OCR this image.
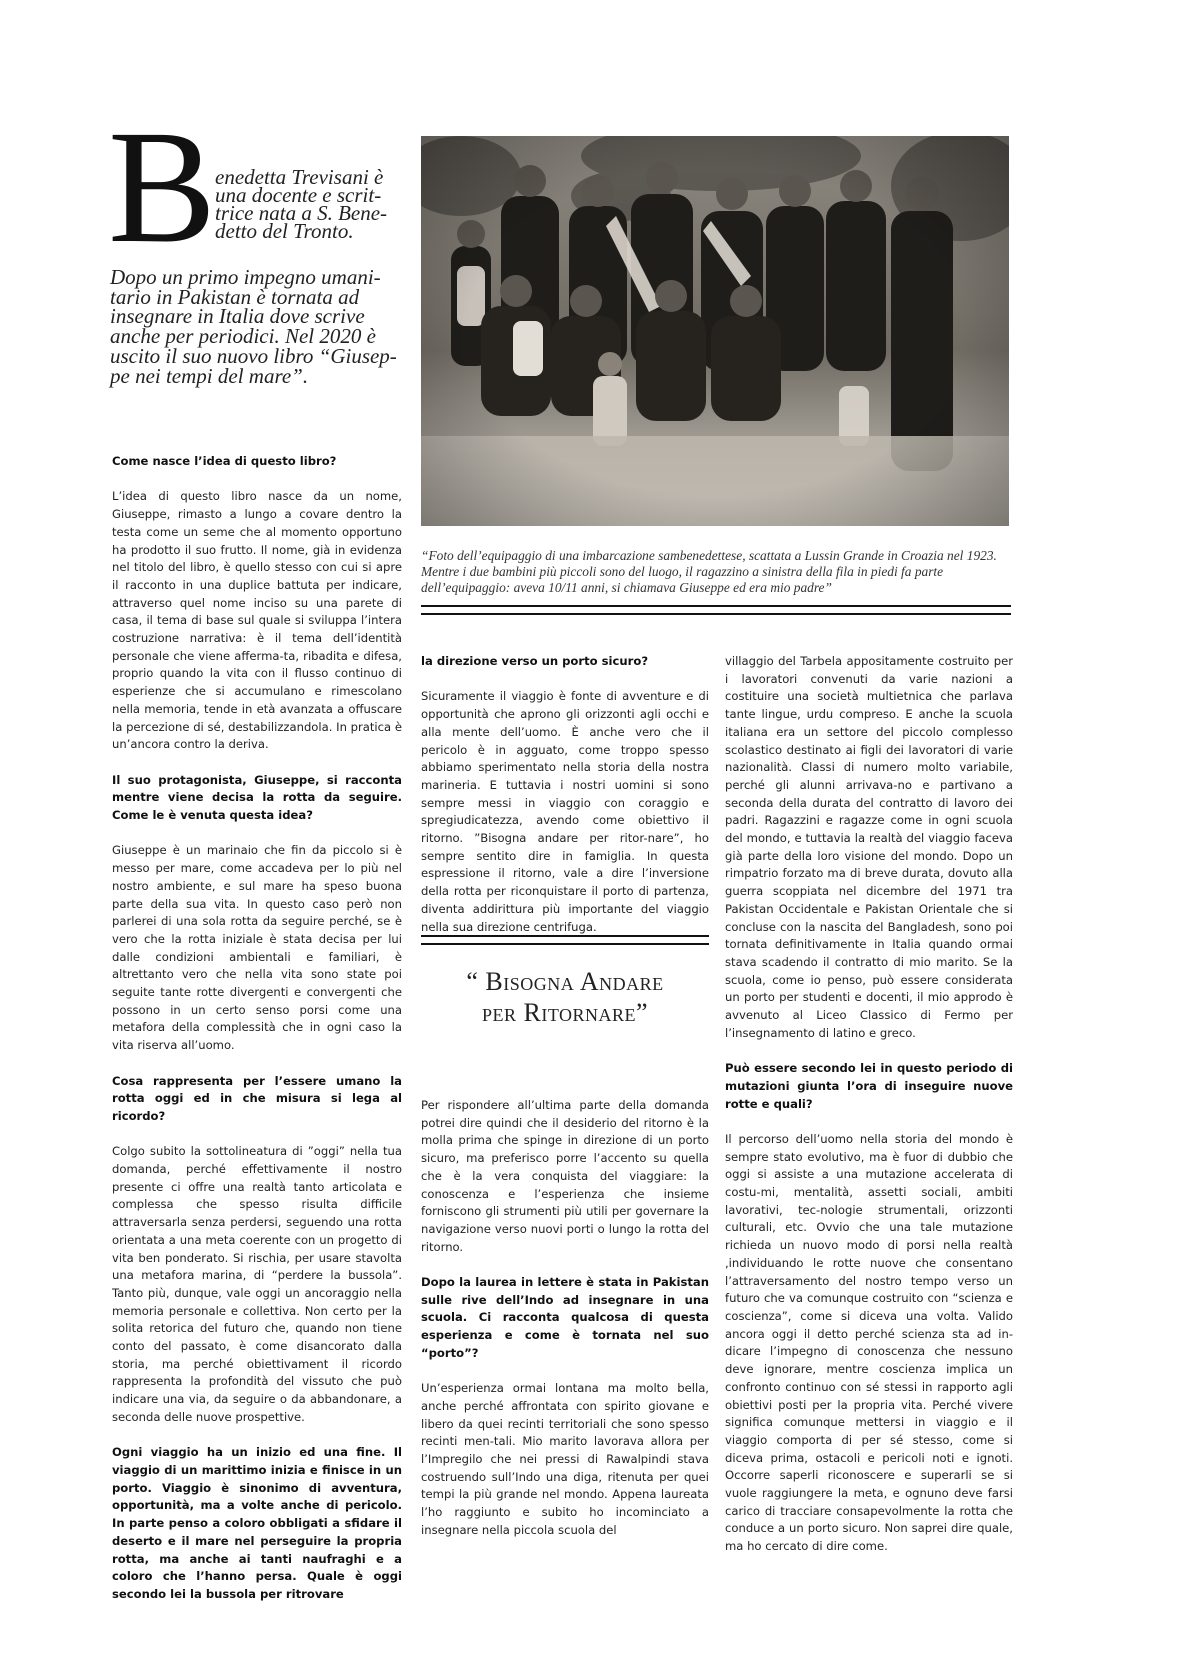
B
enedetta Trevisani è
una docente e scrit-
trice nata a S. Bene-
detto del Tronto.
Dopo un primo impegno umani-
tario in Pakistan è tornata ad
insegnare in Italia dove scrive
anche per periodici. Nel 2020 è
uscito il suo nuovo libro “Giusep-
pe nei tempi del mare”.
“Foto dell’equipaggio di una imbarcazione sambenedettese, scattata a Lussin Grande in Croazia nel 1923. Mentre i due bambini più piccoli sono del luogo, il ragazzino a sinistra della fila in piedi fa parte dell’equipaggio: aveva 10/11 anni, si chiamava Giuseppe ed era mio padre”

Come nasce l’idea di questo libro?

L’idea di questo libro nasce da un nome, Giuseppe, rimasto a lungo a covare dentro la testa come un seme che al momento opportuno ha prodotto il suo frutto. Il nome, già in evidenza nel titolo del libro, è quello stesso con cui si apre il racconto in una duplice battuta per indicare, attraverso quel nome inciso su una parete di casa, il tema di base sul quale si sviluppa l’intera costruzione narrativa: è il tema dell’identità personale che viene afferma-ta, ribadita e difesa, proprio quando la vita con il flusso continuo di esperienze che si accumulano e rimescolano nella memoria, tende in età avanzata a offuscare la percezione di sé, destabilizzandola. In pratica è un’ancora contro la deriva.

Il suo protagonista, Giuseppe, si racconta mentre viene decisa la rotta da seguire. Come le è venuta questa idea?

Giuseppe è un marinaio che fin da piccolo si è messo per mare, come accadeva per lo più nel nostro ambiente, e sul mare ha speso buona parte della sua vita. In questo caso però non parlerei di una sola rotta da seguire perché, se è vero che la rotta iniziale è stata decisa per lui dalle condizioni ambientali e familiari, è altrettanto vero che nella vita sono state poi seguite tante rotte divergenti e convergenti che possono in un certo senso porsi come una metafora della complessità che in ogni caso la vita riserva all’uomo.

Cosa rappresenta per l’essere umano la rotta oggi ed in che misura si lega al ricordo?

Colgo subito la sottolineatura di ”oggi” nella tua domanda, perché effettivamente il nostro presente ci offre una realtà tanto articolata e complessa che spesso risulta difficile attraversarla senza perdersi, seguendo una rotta orientata a una meta coerente con un progetto di vita ben ponderato. Si rischia, per usare stavolta una metafora marina, di “perdere la bussola”. Tanto più, dunque, vale oggi un ancoraggio nella memoria personale e collettiva. Non certo per la solita retorica del futuro che, quando non tiene conto del passato, è come disancorato dalla storia, ma perché obiettivament il ricordo rappresenta la profondità del vissuto che può indicare una via, da seguire o da abbandonare, a seconda delle nuove prospettive.

Ogni viaggio ha un inizio ed una fine. Il viaggio di un marittimo inizia e finisce in un porto. Viaggio è sinonimo di avventura, opportunità, ma a volte anche di pericolo. In parte penso a coloro obbligati a sfidare il deserto e il mare nel perseguire la propria rotta, ma anche ai tanti naufraghi e a coloro che l’hanno persa. Quale è oggi secondo lei la bussola per ritrovare

la direzione verso un porto sicuro?

Sicuramente il viaggio è fonte di avventure e di opportunità che aprono gli orizzonti agli occhi e alla mente dell’uomo. È anche vero che il pericolo è in agguato, come troppo spesso abbiamo sperimentato nella storia della nostra marineria. E tuttavia i nostri uomini si sono sempre messi in viaggio con coraggio e spregiudicatezza, avendo come obiettivo il ritorno. ”Bisogna andare per ritor-nare”, ho sempre sentito dire in famiglia. In questa espressione il ritorno, vale a dire l’inversione della rotta per riconquistare il porto di partenza, diventa addirittura più importante del viaggio nella sua direzione centrifuga.

“ Bisogna Andare
per Ritornare”

Per rispondere all’ultima parte della domanda potrei dire quindi che il desiderio del ritorno è la molla prima che spinge in direzione di un porto sicuro, ma preferisco porre l’accento su quella che è la vera conquista del viaggiare: la conoscenza e l’esperienza che insieme forniscono gli strumenti più utili per governare la navigazione verso nuovi porti o lungo la rotta del ritorno.

Dopo la laurea in lettere è stata in Pakistan sulle rive dell’Indo ad insegnare in una scuola. Ci racconta qualcosa di questa esperienza e come è tornata nel suo “porto”?

Un’esperienza ormai lontana ma molto bella, anche perché affrontata con spirito giovane e libero da quei recinti territoriali che sono spesso recinti men-tali. Mio marito lavorava allora per l’Impregilo che nei pressi di Rawalpindi stava costruendo sull’Indo una diga, ritenuta per quei tempi la più grande nel mondo. Appena laureata l’ho raggiunto e subito ho incominciato a insegnare nella piccola scuola del

villaggio del Tarbela appositamente costruito per i lavoratori convenuti da varie nazioni a costituire una società multietnica che parlava tante lingue, urdu compreso. E anche la scuola italiana era un settore del piccolo complesso scolastico destinato ai figli dei lavoratori di varie nazionalità. Classi di numero molto variabile, perché gli alunni arrivava-no e partivano a seconda della durata del contratto di lavoro dei padri. Ragazzini e ragazze come in ogni scuola del mondo, e tuttavia la realtà del viaggio faceva già parte della loro visione del mondo. Dopo un rimpatrio forzato ma di breve durata, dovuto alla guerra scoppiata nel dicembre del 1971 tra Pakistan Occidentale e Pakistan Orientale che si concluse con la nascita del Bangladesh, sono poi tornata definitivamente in Italia quando ormai stava scadendo il contratto di mio marito. Se la scuola, come io penso, può essere considerata un porto per studenti e docenti, il mio approdo è avvenuto al Liceo Classico di Fermo per l’insegnamento di latino e greco.

Può essere secondo lei in questo periodo di mutazioni giunta l’ora di inseguire nuove rotte e quali?

Il percorso dell’uomo nella storia del mondo è sempre stato evolutivo, ma è fuor di dubbio che oggi si assiste a una mutazione accelerata di costu-mi, mentalità, assetti sociali, ambiti lavorativi, tec-nologie strumentali, orizzonti culturali, etc. Ovvio che una tale mutazione richieda un nuovo modo di porsi nella realtà ,individuando le rotte nuove che consentano l’attraversamento del nostro tempo verso un futuro che va comunque costruito con “scienza e coscienza”, come si diceva una volta. Valido ancora oggi il detto perché scienza sta ad in-dicare l’impegno di conoscenza che nessuno deve ignorare, mentre coscienza implica un confronto continuo con sé stessi in rapporto agli obiettivi posti per la propria vita. Perché vivere significa comunque mettersi in viaggio e il viaggio comporta di per sé stesso, come si diceva prima, ostacoli e pericoli noti e ignoti. Occorre saperli riconoscere e superarli se si vuole raggiungere la meta, e ognuno deve farsi carico di tracciare consapevolmente la rotta che conduce a un porto sicuro. Non saprei dire quale, ma ho cercato di dire come.
